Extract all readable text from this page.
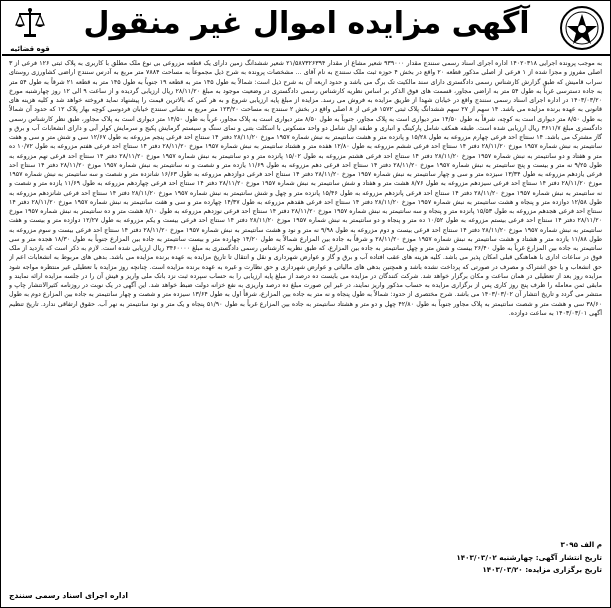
آگهی مزایده اموال غیر منقول
قوه قضائیه

به موجب پرونده اجرایی ۱۴۰۲۰۳۱۸ اداره اجرای اسناد رسمی سنندج مقدار ۹۳۹۰۰۰ شعیر مشاع از مقدار ۲۱/۵۸۷۳۲۶۳۹۴ شعیر ششدانگ زمین دارای یک قطعه مزروعی بی نوع ملک مطلق با کاربری به پلاک ثبتی ۱۲۶ فرعی از ۳ اصلی مفروز و مجزا شده از ۱ فرعی از اصلی مذکور قطعه ۲۰ واقع در بخش ۴ حوزه ثبت ملک سنندج به نام آقای ... مشخصات پرونده به شرح ذیل مجموعاً به مساحت ۷۸۸۴ متر مربع به آدرس سنندج اراضی کشاورزی روستای سراب قامیش که طبق گزارش کارشناس رسمی دادگستری دارای سند مالکیت تک برگ می باشد و حدود اربعه آن به شرح ذیل است: شمالاً به طول ۱۴۵ متر به قطعه ۱۹ جنوباً به طول ۱۴۵ متر به قطعه ۲۱ شرقاً به طول ۵۴ متر به جاده دسترسی غرباً به طول ۵۴ متر به اراضی مجاور، قسمت های فوق الذکر بر اساس نظریه کارشناس رسمی دادگستری در وضعیت موجود به مبلغ ۲۸/۱۱/۲۰ ریال ارزیابی گردیده و از ساعت ۹ الی ۱۲ روز چهارشنبه مورخ ۱۴۰۳/۰۳/۲۰ در اداره اجرای اسناد رسمی سنندج واقع در خیابان شهدا از طریق مزایده به فروش می رسد. مزایده از مبلغ پایه ارزیابی شروع و به هر کس که بالاترین قیمت را پیشنهاد نماید فروخته خواهد شد و کلیه هزینه های قانونی به عهده برنده مزایده می باشد. ۱۴ سهم از ۲۷ سهم ششدانگ پلاک ثبتی ۱۵۷۲ فرعی از ۸ اصلی واقع در بخش ۲ سنندج به مساحت ۱۲۳/۲۰ متر مربع به نشانی سنندج خیابان فردوسی کوچه بهار پلاک ۱۲ که حدود آن شمالاً به طول ۸/۵۰ متر دیواری است به کوچه، شرقاً به طول ۱۴/۵۰ متر دیواری است به پلاک مجاور، جنوباً به طول ۸/۵۰ متر دیواری است به پلاک مجاور، غرباً به طول ۱۴/۵۰ متر دیواری است به پلاک مجاور، طبق نظر کارشناس رسمی دادگستری مبلغ ۳۶۱۱/۷ ریال ارزیابی شده است. طبقه همکف شامل پارکینگ و انباری و طبقه اول شامل دو واحد مسکونی با اسکلت بتنی و نمای سنگ و سیستم گرمایش پکیج و سرمایش کولر آبی و دارای انشعابات آب و برق و گاز مشترک می باشد. ۱۴ سنتاج احد فرعی چهارم مزروعه به طول ۱۵/۲۸ و پانزده متر و هشت سانتیمتر به نبش شماره ۱۹۵۷ موزخ ۲۸/۱۱/۲۰ دفتر ۱۴ سنتاج احد فرعی پنجم مزروعه به طول ۱۲/۶۷ سی و شش متر و سی و هفت سانتیمتر به نبش شماره ۱۹۵۷ موزخ ۲۸/۱۱/۲۰ دفتر ۱۴ سنتاج احد فرعی ششم مزروعه به طول ۱۲/۸۰ هفده متر و هشتاد سانتیمتر به نبش شماره ۱۹۵۷ موزخ ۲۸/۱۱/۲۰ دفتر ۱۴ سنتاج احد فرعی هفتم مزروعه به طول ۱۰/۷۲ ده متر و هفتاد و دو سانتیمتر به نبش شماره ۱۹۵۷ موزخ ۲۸/۱۱/۲۰ دفتر ۱۴ سنتاج احد فرعی هشتم مزروعه به طول ۱۵/۰۲ پانزده متر و دو سانتیمتر به نبش شماره ۱۹۵۷ موزخ ۲۸/۱۱/۲۰ دفتر ۱۴ سنتاج احد فرعی نهم مزروعه به طول ۹/۲۵ نه متر و بیست و پنج سانتیمتر به نبش شماره ۱۹۵۷ موزخ ۲۸/۱۱/۲۰ دفتر ۱۴ سنتاج احد فرعی دهم مزروعه به طول ۱۱/۶۹ یازده متر و شصت و نه سانتیمتر به نبش شماره ۱۹۵۷ موزخ ۲۸/۱۱/۲۰ دفتر ۱۴ سنتاج احد فرعی یازدهم مزروعه به طول ۱۳/۳۴ سیزده متر و سی و چهار سانتیمتر به نبش شماره ۱۹۵۷ موزخ ۲۸/۱۱/۲۰ دفتر ۱۴ سنتاج احد فرعی دوازدهم مزروعه به طول ۱۶/۶۳ شانزده متر و شصت و سه سانتیمتر به نبش شماره ۱۹۵۷ موزخ ۲۸/۱۱/۲۰ دفتر ۱۴ سنتاج احد فرعی سیزدهم مزروعه به طول ۸/۷۶ هشت متر و هفتاد و شش سانتیمتر به نبش شماره ۱۹۵۷ موزخ ۲۸/۱۱/۲۰ دفتر ۱۴ سنتاج احد فرعی چهاردهم مزروعه به طول ۱۱/۶۹ یازده متر و شصت و نه سانتیمتر به نبش شماره ۱۹۵۷ موزخ ۲۸/۱۱/۲۰ دفتر ۱۴ سنتاج احد فرعی پانزدهم مزروعه به طول ۱۵/۴۶ پانزده متر و چهل و شش سانتیمتر به نبش شماره ۱۹۵۷ موزخ ۲۸/۱۱/۲۰ دفتر ۱۴ سنتاج احد فرعی شانزدهم مزروعه به طول ۱۲/۵۸ دوازده متر و پنجاه و هشت سانتیمتر به نبش شماره ۱۹۵۷ موزخ ۲۸/۱۱/۲۰ دفتر ۱۴ سنتاج احد فرعی هفدهم مزروعه به طول ۱۴/۳۷ چهارده متر و سی و هفت سانتیمتر به نبش شماره ۱۹۵۷ موزخ ۲۸/۱۱/۲۰ دفتر ۱۴ سنتاج احد فرعی هجدهم مزروعه به طول ۱۵/۵۳ پانزده متر و پنجاه و سه سانتیمتر به نبش شماره ۱۹۵۷ موزخ ۲۸/۱۱/۲۰ دفتر ۱۴ سنتاج احد فرعی نوزدهم مزروعه به طول ۸/۱۰ هشت متر و ده سانتیمتر به نبش شماره ۱۹۵۷ موزخ ۲۸/۱۱/۲۰ دفتر ۱۴ سنتاج احد فرعی بیستم مزروعه به طول ۱۰/۵۲ ده متر و پنجاه و دو سانتیمتر به نبش شماره ۱۹۵۷ موزخ ۲۸/۱۱/۲۰ دفتر ۱۴ سنتاج احد فرعی بیست و یکم مزروعه به طول ۱۲/۲۷ دوازده متر و بیست و هفت سانتیمتر به نبش شماره ۱۹۵۷ موزخ ۲۸/۱۱/۲۰ دفتر ۱۴ سنتاج احد فرعی بیست و دوم مزروعه به طول ۹/۹۸ نه متر و نود و هشت سانتیمتر به نبش شماره ۱۹۵۷ موزخ ۲۸/۱۱/۲۰ دفتر ۱۴ سنتاج احد فرعی بیست و سوم مزروعه به طول ۱۱/۸۸ یازده متر و هشتاد و هشت سانتیمتر به نبش شماره ۱۹۵۷ موزخ ۲۸/۱۱/۲۰ و شرقاً به جاده بین المزارع شمالاً به طول ۱۴/۲۰ چهارده متر و بیست سانتیمتر به جاده بین المزارع جنوباً به طول ۱۸/۳۰ هجده متر و سی سانتیمتر به جاده بین المزارع غرباً به طول ۲۶/۴۰ بیست و شش متر و چهل سانتیمتر به جاده بین المزارع، که طبق نظریه کارشناس رسمی دادگستری به مبلغ ۳۴۶۰۰۰۰ ریال ارزیابی شده است. لازم به ذکر است که بازدید از ملک فوق در ساعات اداری با هماهنگی قبلی امکان پذیر می باشد. کلیه هزینه های عقب افتاده آب و برق و گاز و عوارض شهرداری و نقل و انتقال تا تاریخ مزایده به عهده برنده مزایده می باشد. بدهی های مربوط به انشعابات اعم از حق انشعاب و یا حق اشتراک و مصرف در صورتی که پرداخت نشده باشد و همچنین بدهی های مالیاتی و عوارض شهرداری و حق نظارت و غیره به عهده برنده مزایده است. چنانچه روز مزایده با تعطیلی غیر منتظره مواجه شود مزایده روز بعد از تعطیلی در همان ساعت و مکان برگزار خواهد شد. شرکت کنندگان در مزایده می بایست ده درصد از مبلغ پایه ارزیابی را به حساب سپرده ثبت نزد بانک ملی واریز و فیش آن را در جلسه مزایده ارائه نمایند و مابقی ثمن معامله را ظرف پنج روز کاری پس از برگزاری مزایده به حساب مذکور واریز نمایند، در غیر این صورت مبلغ ده درصد واریزی به نفع خزانه دولت ضبط خواهد شد. این آگهی در یک نوبت در روزنامه کثیرالانتشار چاپ و منتشر می گردد و تاریخ انتشار آن ۱۴۰۳/۰۳/۰۲ می باشد. شرح مختصری از حدود: شمالاً به طول پنجاه و نه متر به جاده بین المزارع، شرقاً اول به طول ۱۳/۶۴ سیزده متر و شصت و چهار سانتیمتر به جاده بین المزارع دوم به طول ۳۸/۶۰ سی و هشت متر و شصت سانتیمتر به پلاک مجاور جنوباً به طول ۴۲/۸۰ چهل و دو متر و هشتاد سانتیمتر به جاده بین المزارع غرباً به طول ۵۱/۹۰ پنجاه و یک متر و نود سانتیمتر به نهر آب. حقوق ارتفاقی ندارد. تاریخ تنظیم آگهی ۱۴۰۳/۰۳/۰۱ به ساعت دوازده.

م الف ۳۰۹۵
تاریخ انتشار آگهی: چهارشنبه ۱۴۰۳/۰۳/۰۲
تاریخ برگزاری مزایده: ۱۴۰۳/۰۳/۲۰
اداره اجرای اسناد رسمی سنندج
